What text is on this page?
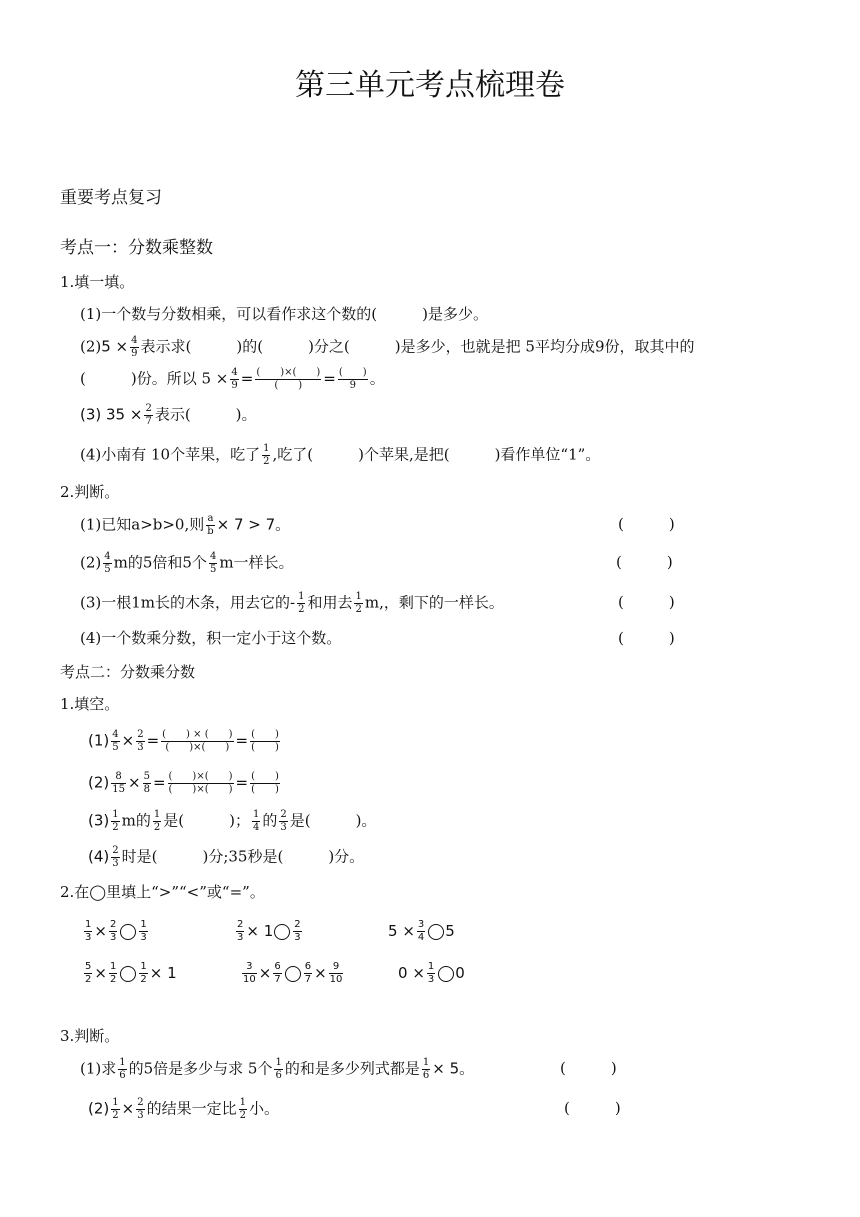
第三单元考点梳理卷
重要考点复习
考点一：分数乘整数
1.填一填。
(1)一个数与分数相乘，可以看作求这个数的(　　　)是多少。
$(2)5 \times \frac{4}{9}$ 表示求(　　　)的(　　　)分之(　　　)是多少，也就是把 5平均分成9份，取其中的
(　　　)份。所以 $5 \times \frac{4}{9}$ = (　　)×(　　)
(　　)	= (　　)
9 。
(3) $35 \times \frac{2}{7}$ 表示(　　　)。
(4)小南有 10个苹果，吃了 $\frac{1}{2}$ ,吃了(　　　)个苹果,是把(　　　)看作单位“1”。
2.判断。
(1)已知a>b>0,则 $\frac{a}{b} \times 7 > 7$。	(　　　)
$(2) \frac{4}{5}$ m的5倍和5个 $\frac{4}{5}$ m一样长。	(　　　)
(3)一根1m长的木条，用去它的- $\frac{1}{2}$ 和用去 $\frac{1}{2} m$,，剩下的一样长。	(　　　)
(4)一个数乘分数，积一定小于这个数。	(　　　)
考点二：分数乘分数
1.填空。
$(1) \frac{4}{5} \times \frac{2}{3}$ = (　　) × (　　)
(　　)×(　　) = (　　)
(　　)
$(2) \frac{8}{15} \times \frac{5}{8}$ = (　　)×(　　)
(　　)×(　　) = (　　)
(　　)
$(3) \frac{1}{2}$ m的 $\frac{1}{2}$ 是(　　　)； $\frac{1}{4}$ 的 $\frac{2}{3}$ 是(　　　)。
$(4) \frac{2}{3}$ 时是(　　　)分;35秒是(　　　)分。
2.在◯里填上“>”“<”或“=”。
$\frac{1}{3} \times \frac{2}{3} \frac{1}{3}$	$\frac{2}{3} \times 1 \frac{2}{3}$	$5 \times \frac{3}{4} 5$
$\frac{5}{2} \times \frac{1}{2} \frac{1}{2} \times 1$	$\frac{3}{10} \times \frac{6}{7} \frac{6}{7} \times \frac{9}{10}$	$0 \times \frac{1}{3} 0$
3.判断。
(1)求 $\frac{1}{6}$ 的5倍是多少与求 5个 $\frac{1}{6}$ 的和是多少列式都是 $\frac{1}{6} \times 5$。	(　　　)
$(2) \frac{1}{2} \times \frac{2}{3}$ 的结果一定比 $\frac{1}{2}$ 小。	(　　　)
